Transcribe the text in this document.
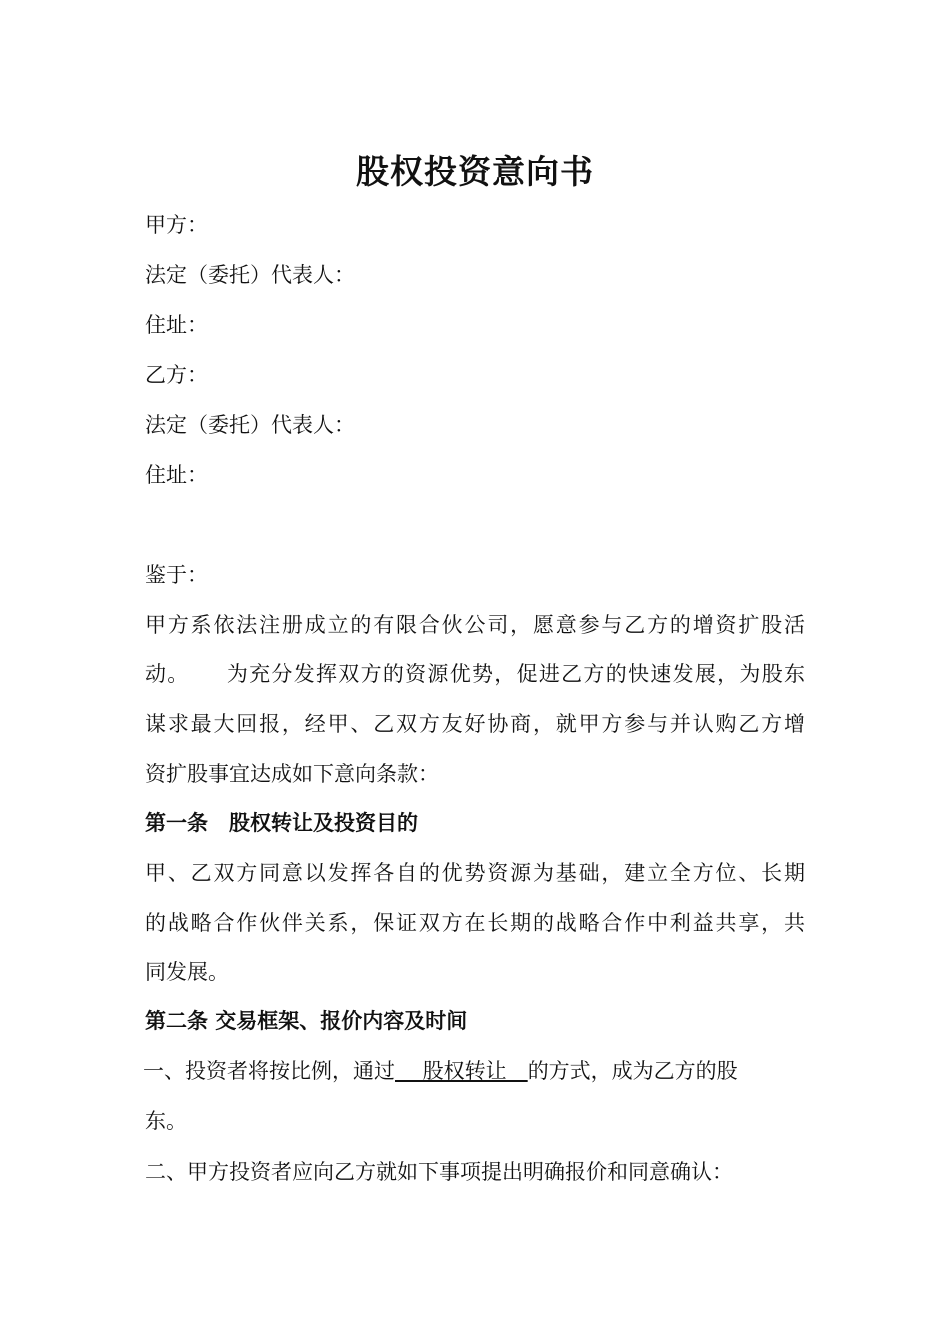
股权投资意向书
甲方：
法定（委托）代表人：
住址：
乙方：
法定（委托）代表人：
住址：
鉴于：
甲方系依法注册成立的有限合伙公司，愿意参与乙方的增资扩股活
动。 为充分发挥双方的资源优势，促进乙方的快速发展，为股东
谋求最大回报，经甲、乙双方友好协商，就甲方参与并认购乙方增
资扩股事宜达成如下意向条款：
第一条　股权转让及投资目的
甲、乙双方同意以发挥各自的优势资源为基础，建立全方位、长期
的战略合作伙伴关系，保证双方在长期的战略合作中利益共享，共
同发展。
第二条 交易框架、报价内容及时间
一、投资者将按比例，通过　 股权转让　的方式，成为乙方的股
东。
二、甲方投资者应向乙方就如下事项提出明确报价和同意确认：
